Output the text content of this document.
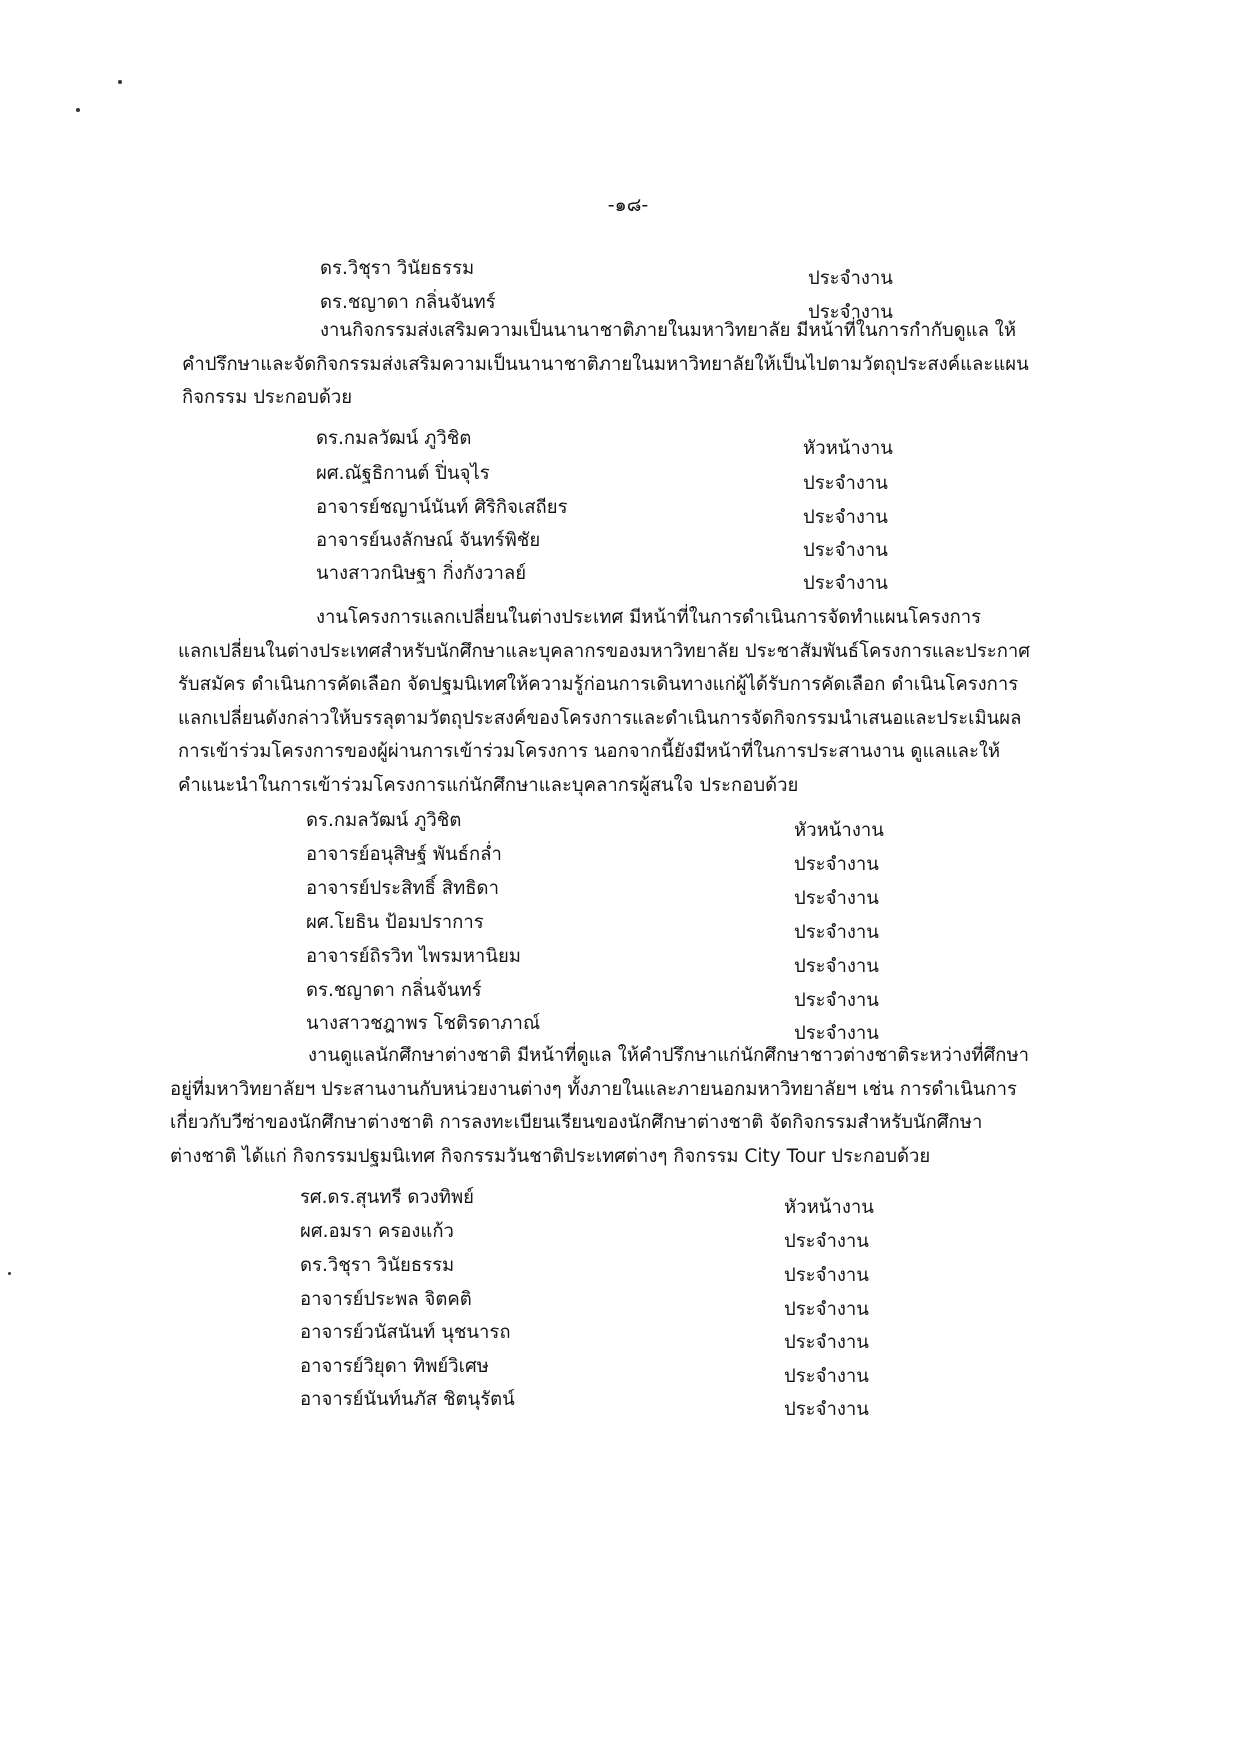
-๑๘-
ดร.วิชุรา วินัยธรรม	ประจำงาน
ดร.ชญาดา กลิ่นจันทร์	ประจำงาน
งานกิจกรรมส่งเสริมความเป็นนานาชาติภายในมหาวิทยาลัย มีหน้าที่ในการกำกับดูแล ให้
คำปรึกษาและจัดกิจกรรมส่งเสริมความเป็นนานาชาติภายในมหาวิทยาลัยให้เป็นไปตามวัตถุประสงค์และแผน
กิจกรรม ประกอบด้วย
ดร.กมลวัฒน์ ภูวิชิต	หัวหน้างาน
ผศ.ณัฐธิกานต์ ปิ่นจุไร	ประจำงาน
อาจารย์ชญาน์นันท์ ศิริกิจเสถียร	ประจำงาน
อาจารย์นงลักษณ์ จันทร์พิชัย	ประจำงาน
นางสาวกนิษฐา กิ่งกังวาลย์	ประจำงาน
งานโครงการแลกเปลี่ยนในต่างประเทศ มีหน้าที่ในการดำเนินการจัดทำแผนโครงการ
แลกเปลี่ยนในต่างประเทศสำหรับนักศึกษาและบุคลากรของมหาวิทยาลัย ประชาสัมพันธ์โครงการและประกาศ
รับสมัคร ดำเนินการคัดเลือก จัดปฐมนิเทศให้ความรู้ก่อนการเดินทางแก่ผู้ได้รับการคัดเลือก ดำเนินโครงการ
แลกเปลี่ยนดังกล่าวให้บรรลุตามวัตถุประสงค์ของโครงการและดำเนินการจัดกิจกรรมนำเสนอและประเมินผล
การเข้าร่วมโครงการของผู้ผ่านการเข้าร่วมโครงการ นอกจากนี้ยังมีหน้าที่ในการประสานงาน ดูแลและให้
คำแนะนำในการเข้าร่วมโครงการแก่นักศึกษาและบุคลากรผู้สนใจ ประกอบด้วย
ดร.กมลวัฒน์ ภูวิชิต	หัวหน้างาน
อาจารย์อนุสิษฐ์ พันธ์กล่ำ	ประจำงาน
อาจารย์ประสิทธิ์ สิทธิดา	ประจำงาน
ผศ.โยธิน ป้อมปราการ	ประจำงาน
อาจารย์ถิรวิท ไพรมหานิยม	ประจำงาน
ดร.ชญาดา กลิ่นจันทร์	ประจำงาน
นางสาวชฎาพร โชติรดาภาณ์	ประจำงาน
งานดูแลนักศึกษาต่างชาติ มีหน้าที่ดูแล ให้คำปรึกษาแก่นักศึกษาชาวต่างชาติระหว่างที่ศึกษา
อยู่ที่มหาวิทยาลัยฯ ประสานงานกับหน่วยงานต่างๆ ทั้งภายในและภายนอกมหาวิทยาลัยฯ เช่น การดำเนินการ
เกี่ยวกับวีซ่าของนักศึกษาต่างชาติ การลงทะเบียนเรียนของนักศึกษาต่างชาติ จัดกิจกรรมสำหรับนักศึกษา
ต่างชาติ ได้แก่ กิจกรรมปฐมนิเทศ กิจกรรมวันชาติประเทศต่างๆ กิจกรรม City Tour ประกอบด้วย
รศ.ดร.สุนทรี ดวงทิพย์	หัวหน้างาน
ผศ.อมรา ครองแก้ว	ประจำงาน
ดร.วิชุรา วินัยธรรม	ประจำงาน
อาจารย์ประพล จิตคติ	ประจำงาน
อาจารย์วนัสนันท์ นุชนารถ	ประจำงาน
อาจารย์วิยุดา ทิพย์วิเศษ	ประจำงาน
อาจารย์นันท์นภัส ชิตนุรัตน์	ประจำงาน
